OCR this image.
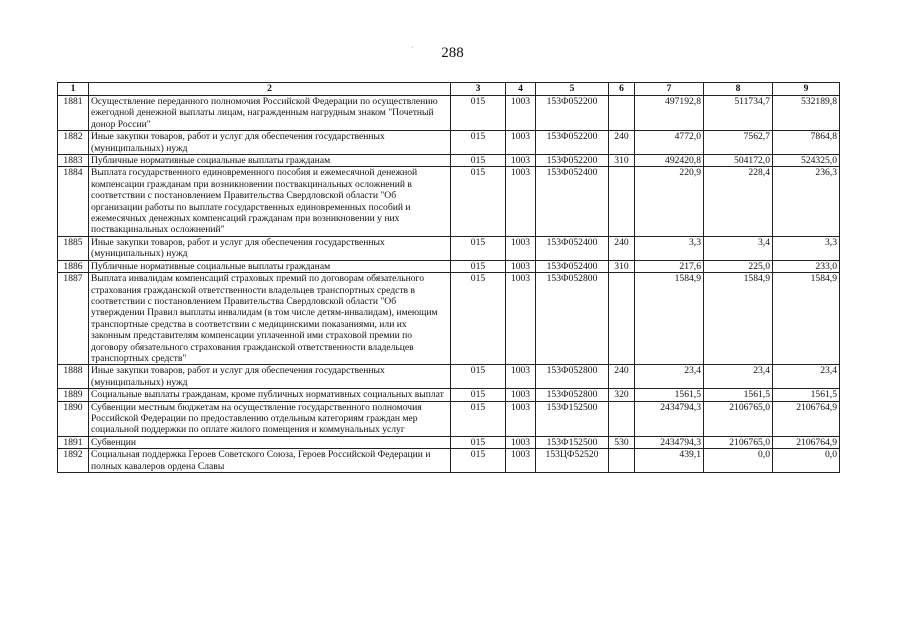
·	288
1	2	3	4	5	6	7	8	9
1881	Осуществление переданного полномочия Российской Федерации по осуществлению ежегодной денежной выплаты лицам, награжденным нагрудным знаком "Почетный донор России"	015	1003	153Ф052200		497192,8	511734,7	532189,8
1882	Иные закупки товаров, работ и услуг для обеспечения государственных (муниципальных) нужд	015	1003	153Ф052200	240	4772,0	7562,7	7864,8
1883	Публичные нормативные социальные выплаты гражданам	015	1003	153Ф052200	310	492420,8	504172,0	524325,0
1884	Выплата государственного единовременного пособия и ежемесячной денежной компенсации гражданам при возникновении поствакцинальных осложнений в соответствии с постановлением Правительства Свердловской области "Об организации работы по выплате государственных единовременных пособий и ежемесячных денежных компенсаций гражданам при возникновении у них поствакцинальных осложнений"	015	1003	153Ф052400		220,9	228,4	236,3
1885	Иные закупки товаров, работ и услуг для обеспечения государственных (муниципальных) нужд	015	1003	153Ф052400	240	3,3	3,4	3,3
1886	Публичные нормативные социальные выплаты гражданам	015	1003	153Ф052400	310	217,6	225,0	233,0
1887	Выплата инвалидам компенсаций страховых премий по договорам обязательного страхования гражданской ответственности владельцев транспортных средств в соответствии с постановлением Правительства Свердловской области "Об утверждении Правил выплаты инвалидам (в том числе детям-инвалидам), имеющим транспортные средства в соответствии с медицинскими показаниями, или их законным представителям компенсации уплаченной ими страховой премии по договору обязательного страхования гражданской ответственности владельцев транспортных средств"	015	1003	153Ф052800		1584,9	1584,9	1584,9
1888	Иные закупки товаров, работ и услуг для обеспечения государственных (муниципальных) нужд	015	1003	153Ф052800	240	23,4	23,4	23,4
1889	Социальные выплаты гражданам, кроме публичных нормативных социальных выплат	015	1003	153Ф052800	320	1561,5	1561,5	1561,5
1890	Субвенции местным бюджетам на осуществление государственного полномочия Российской Федерации по предоставлению отдельным категориям граждан мер социальной поддержки по оплате жилого помещения и коммунальных услуг	015	1003	153Ф152500		2434794,3	2106765,0	2106764,9
1891	Субвенции	015	1003	153Ф152500	530	2434794,3	2106765,0	2106764,9
1892	Социальная поддержка Героев Советского Союза, Героев Российской Федерации и полных кавалеров ордена Славы	015	1003	153ЦФ52520		439,1	0,0	0,0
